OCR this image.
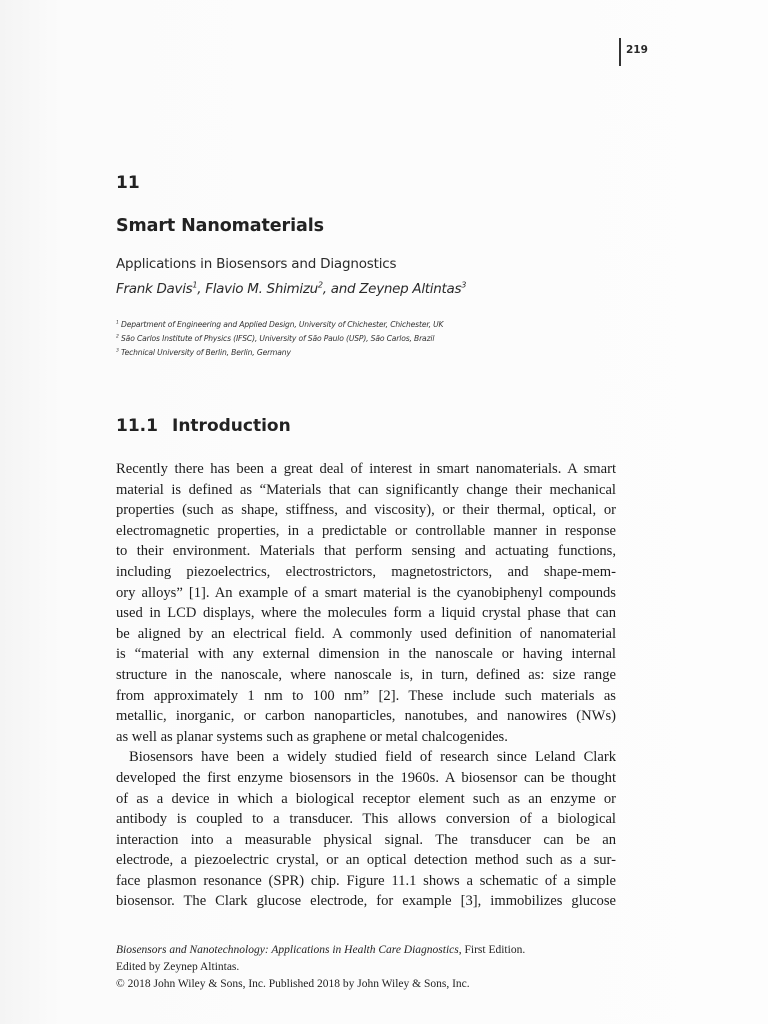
219
11
Smart Nanomaterials
Applications in Biosensors and Diagnostics
Frank Davis$^1$, Flavio M. Shimizu$^2$, and Zeynep Altintas$^3$
$^1$ Department of Engineering and Applied Design, University of Chichester, Chichester, UK
$^2$ São Carlos Institute of Physics (IFSC), University of São Paulo (USP), São Carlos, Brazil
$^3$ Technical University of Berlin, Berlin, Germany
11.1 Introduction
Recently there has been a great deal of interest in smart nanomaterials. A smart
material is defined as “Materials that can significantly change their mechanical
properties (such as shape, stiffness, and viscosity), or their thermal, optical, or
electromagnetic properties, in a predictable or controllable manner in response
to their environment. Materials that perform sensing and actuating functions,
including piezoelectrics, electrostrictors, magnetostrictors, and shape-mem-
ory alloys” [1]. An example of a smart material is the cyanobiphenyl compounds
used in LCD displays, where the molecules form a liquid crystal phase that can
be aligned by an electrical field. A commonly used definition of nanomaterial
is “material with any external dimension in the nanoscale or having internal
structure in the nanoscale, where nanoscale is, in turn, defined as: size range
from approximately 1 nm to 100 nm” [2]. These include such materials as
metallic, inorganic, or carbon nanoparticles, nanotubes, and nanowires (NWs)
as well as planar systems such as graphene or metal chalcogenides.
Biosensors have been a widely studied field of research since Leland Clark
developed the first enzyme biosensors in the 1960s. A biosensor can be thought
of as a device in which a biological receptor element such as an enzyme or
antibody is coupled to a transducer. This allows conversion of a biological
interaction into a measurable physical signal. The transducer can be an
electrode, a piezoelectric crystal, or an optical detection method such as a sur-
face plasmon resonance (SPR) chip. Figure 11.1 shows a schematic of a simple
biosensor. The Clark glucose electrode, for example [3], immobilizes glucose
Biosensors and Nanotechnology: Applications in Health Care Diagnostics, First Edition.
Edited by Zeynep Altintas.
© 2018 John Wiley & Sons, Inc. Published 2018 by John Wiley & Sons, Inc.
